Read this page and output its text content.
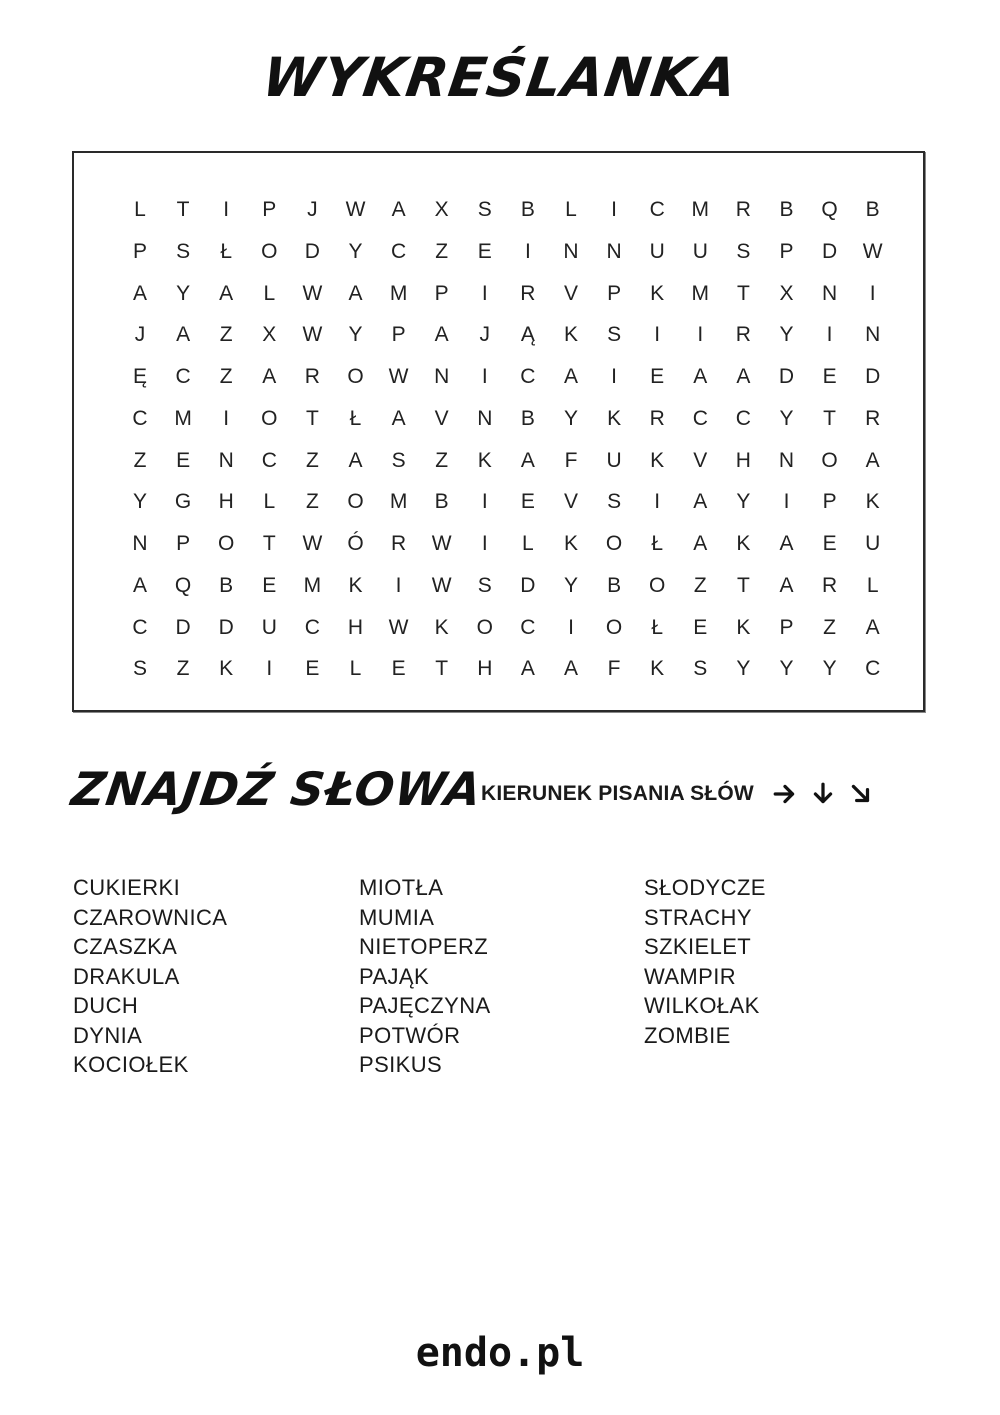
WYKREŚLANKA
L	T	I	P	J	W	A	X	S	B	L	I	C	M	R	B	Q	B
P	S	Ł	O	D	Y	C	Z	E	I	N	N	U	U	S	P	D	W
A	Y	A	L	W	A	M	P	I	R	V	P	K	M	T	X	N	I
J	A	Z	X	W	Y	P	A	J	Ą	K	S	I	I	R	Y	I	N
Ę	C	Z	A	R	O	W	N	I	C	A	I	E	A	A	D	E	D
C	M	I	O	T	Ł	A	V	N	B	Y	K	R	C	C	Y	T	R
Z	E	N	C	Z	A	S	Z	K	A	F	U	K	V	H	N	O	A
Y	G	H	L	Z	O	M	B	I	E	V	S	I	A	Y	I	P	K
N	P	O	T	W	Ó	R	W	I	L	K	O	Ł	A	K	A	E	U
A	Q	B	E	M	K	I	W	S	D	Y	B	O	Z	T	A	R	L
C	D	D	U	C	H	W	K	O	C	I	O	Ł	E	K	P	Z	A
S	Z	K	I	E	L	E	T	H	A	A	F	K	S	Y	Y	Y	C
ZNAJDŹ SŁOWA
KIERUNEK PISANIA SŁÓW
CUKIERKI
CZAROWNICA
CZASZKA
DRAKULA
DUCH
DYNIA
KOCIOŁEK
MIOTŁA
MUMIA
NIETOPERZ
PAJĄK
PAJĘCZYNA
POTWÓR
PSIKUS
SŁODYCZE
STRACHY
SZKIELET
WAMPIR
WILKOŁAK
ZOMBIE
endo.pl
